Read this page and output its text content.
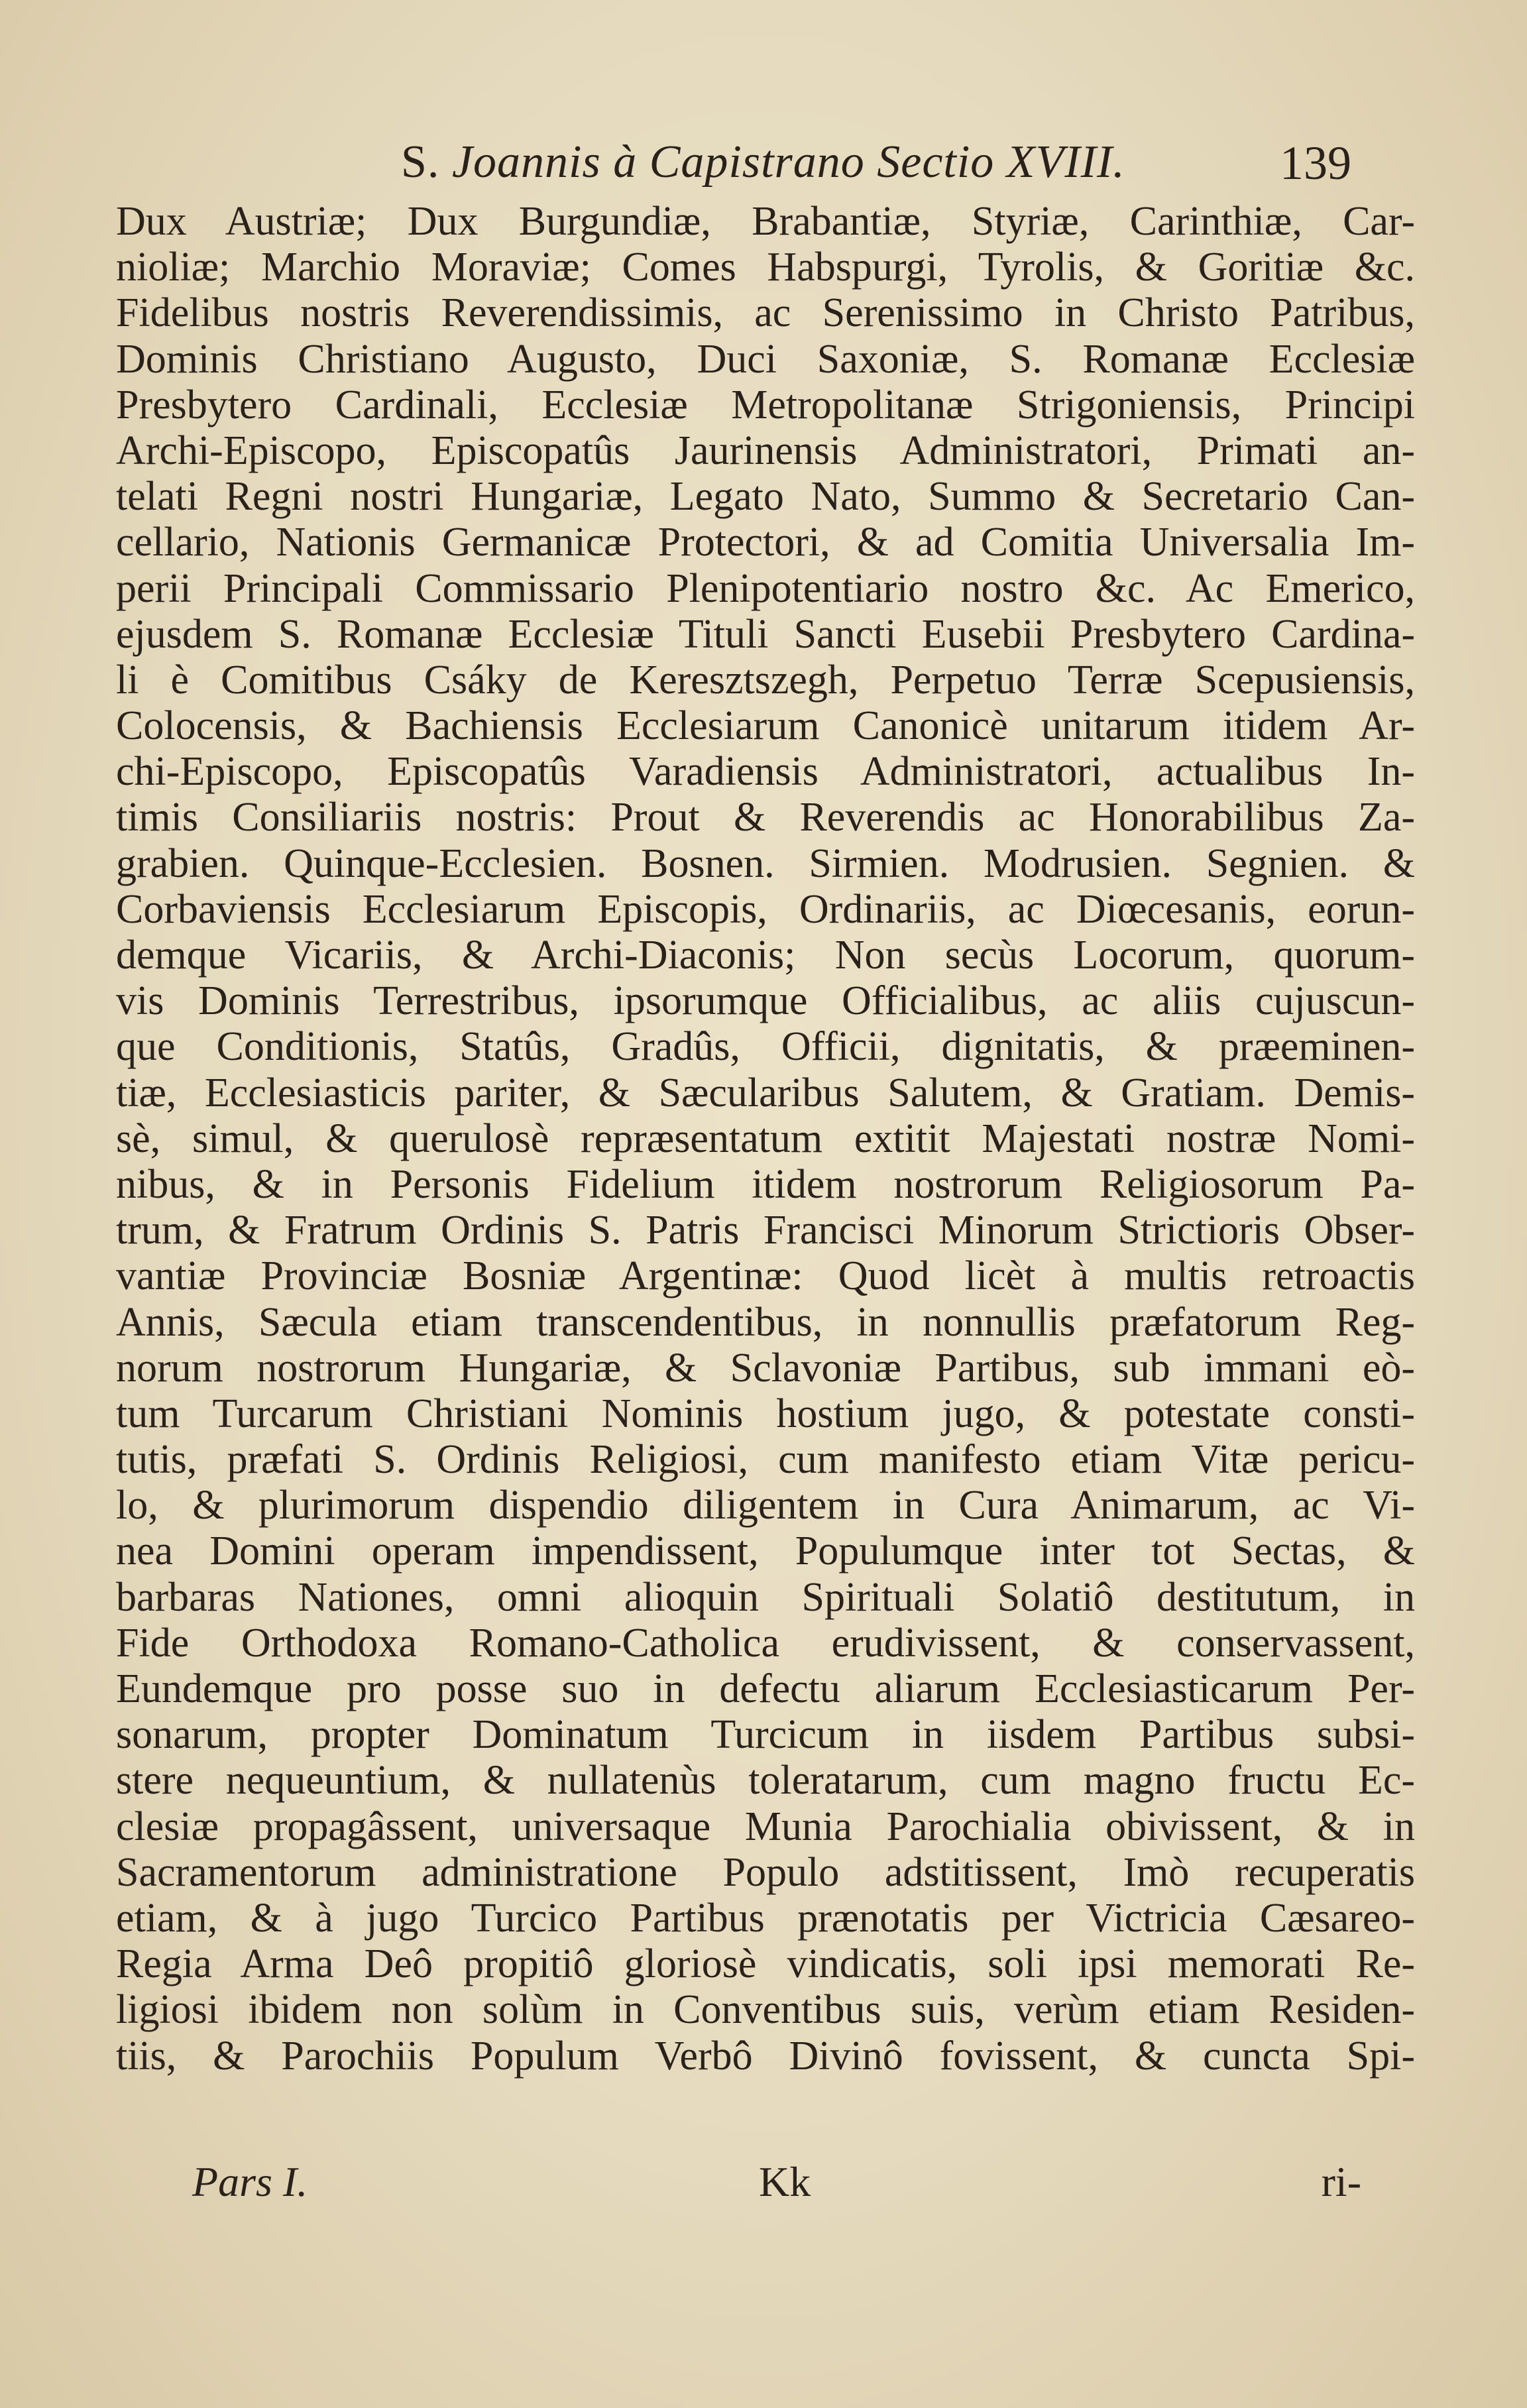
S. Joannis à Capistrano Sectio XVIII.	139
Dux Austriæ; Dux Burgundiæ, Brabantiæ, Styriæ, Carinthiæ, Car-
nioliæ; Marchio Moraviæ; Comes Habspurgi, Tyrolis, & Goritiæ &c.
Fidelibus nostris Reverendissimis, ac Serenissimo in Christo Patribus,
Dominis Christiano Augusto, Duci Saxoniæ, S. Romanæ Ecclesiæ
Presbytero Cardinali, Ecclesiæ Metropolitanæ Strigoniensis, Principi
Archi-Episcopo, Episcopatûs Jaurinensis Administratori, Primati an-
telati Regni nostri Hungariæ, Legato Nato, Summo & Secretario Can-
cellario, Nationis Germanicæ Protectori, & ad Comitia Universalia Im-
perii Principali Commissario Plenipotentiario nostro &c. Ac Emerico,
ejusdem S. Romanæ Ecclesiæ Tituli Sancti Eusebii Presbytero Cardina-
li è Comitibus Csáky de Keresztszegh, Perpetuo Terræ Scepusiensis,
Colocensis, & Bachiensis Ecclesiarum Canonicè unitarum itidem Ar-
chi-Episcopo, Episcopatûs Varadiensis Administratori, actualibus In-
timis Consiliariis nostris: Prout & Reverendis ac Honorabilibus Za-
grabien. Quinque-Ecclesien. Bosnen. Sirmien. Modrusien. Segnien. &
Corbaviensis Ecclesiarum Episcopis, Ordinariis, ac Diœcesanis, eorun-
demque Vicariis, & Archi-Diaconis; Non secùs Locorum, quorum-
vis Dominis Terrestribus, ipsorumque Officialibus, ac aliis cujuscun-
que Conditionis, Statûs, Gradûs, Officii, dignitatis, & præeminen-
tiæ, Ecclesiasticis pariter, & Sæcularibus Salutem, & Gratiam. Demis-
sè, simul, & querulosè repræsentatum extitit Majestati nostræ Nomi-
nibus, & in Personis Fidelium itidem nostrorum Religiosorum Pa-
trum, & Fratrum Ordinis S. Patris Francisci Minorum Strictioris Obser-
vantiæ Provinciæ Bosniæ Argentinæ: Quod licèt à multis retroactis
Annis, Sæcula etiam transcendentibus, in nonnullis præfatorum Reg-
norum nostrorum Hungariæ, & Sclavoniæ Partibus, sub immani eò-
tum Turcarum Christiani Nominis hostium jugo, & potestate consti-
tutis, præfati S. Ordinis Religiosi, cum manifesto etiam Vitæ pericu-
lo, & plurimorum dispendio diligentem in Cura Animarum, ac Vi-
nea Domini operam impendissent, Populumque inter tot Sectas, &
barbaras Nationes, omni alioquin Spirituali Solatiô destitutum, in
Fide Orthodoxa Romano-Catholica erudivissent, & conservassent,
Eundemque pro posse suo in defectu aliarum Ecclesiasticarum Per-
sonarum, propter Dominatum Turcicum in iisdem Partibus subsi-
stere nequeuntium, & nullatenùs toleratarum, cum magno fructu Ec-
clesiæ propagâssent, universaque Munia Parochialia obivissent, & in
Sacramentorum administratione Populo adstitissent, Imò recuperatis
etiam, & à jugo Turcico Partibus prænotatis per Victricia Cæsareo-
Regia Arma Deô propitiô gloriosè vindicatis, soli ipsi memorati Re-
ligiosi ibidem non solùm in Conventibus suis, verùm etiam Residen-
tiis, & Parochiis Populum Verbô Divinô fovissent, & cuncta Spi-
Pars I.	Kk	ri-
